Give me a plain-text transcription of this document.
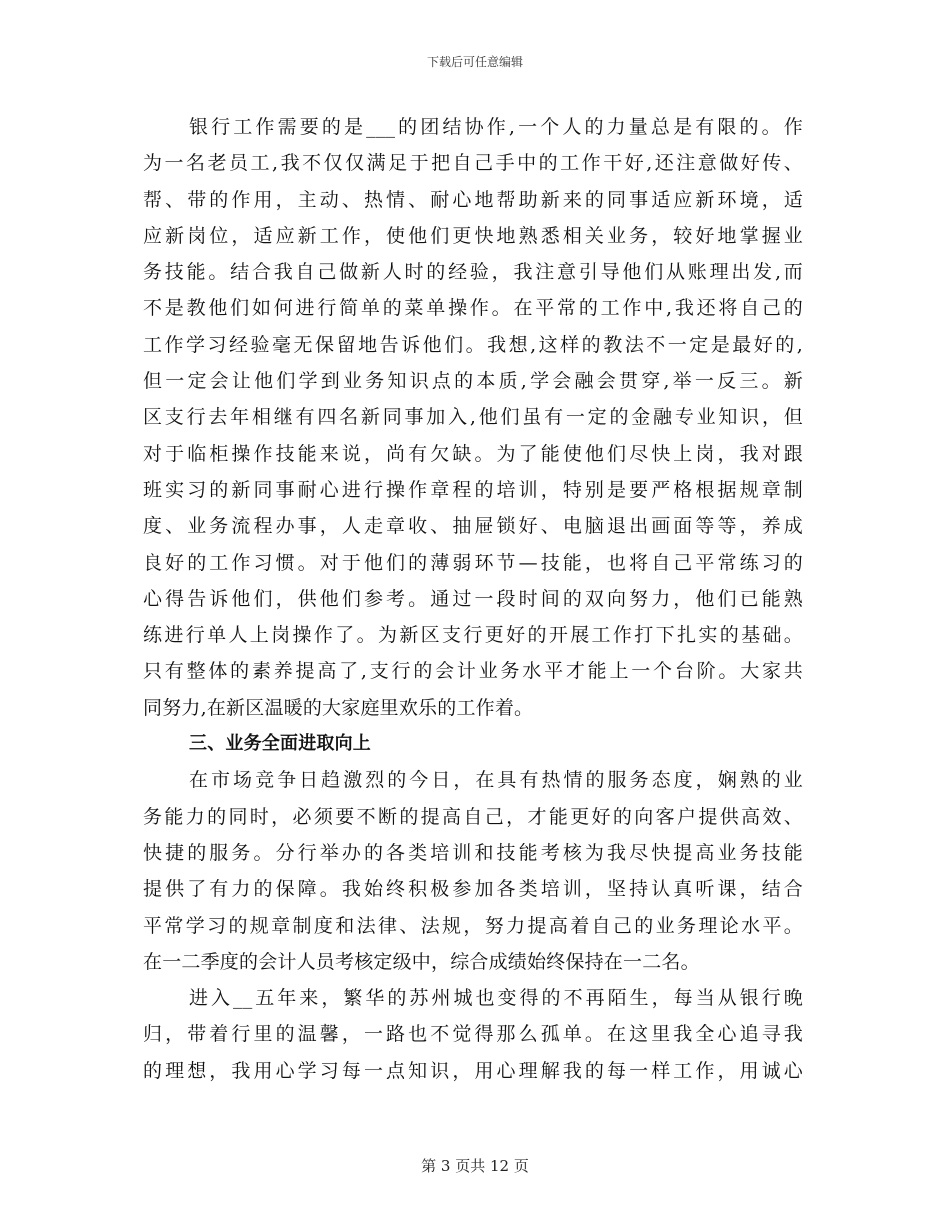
下载后可任意编辑
银行工作需要的是___的团结协作,一个人的力量总是有限的。作
为一名老员工,我不仅仅满足于把自己手中的工作干好,还注意做好传、
帮、带的作用，主动、热情、耐心地帮助新来的同事适应新环境，适
应新岗位，适应新工作，使他们更快地熟悉相关业务，较好地掌握业
务技能。结合我自己做新人时的经验，我注意引导他们从账理出发,而
不是教他们如何进行简单的菜单操作。在平常的工作中,我还将自己的
工作学习经验毫无保留地告诉他们。我想,这样的教法不一定是最好的,
但一定会让他们学到业务知识点的本质,学会融会贯穿,举一反三。新
区支行去年相继有四名新同事加入,他们虽有一定的金融专业知识，但
对于临柜操作技能来说，尚有欠缺。为了能使他们尽快上岗，我对跟
班实习的新同事耐心进行操作章程的培训，特别是要严格根据规章制
度、业务流程办事，人走章收、抽屉锁好、电脑退出画面等等，养成
良好的工作习惯。对于他们的薄弱环节—技能，也将自己平常练习的
心得告诉他们，供他们参考。通过一段时间的双向努力，他们已能熟
练进行单人上岗操作了。为新区支行更好的开展工作打下扎实的基础。
只有整体的素养提高了,支行的会计业务水平才能上一个台阶。大家共
同努力,在新区温暖的大家庭里欢乐的工作着。
三、业务全面进取向上
在市场竞争日趋激烈的今日，在具有热情的服务态度，娴熟的业
务能力的同时，必须要不断的提高自己，才能更好的向客户提供高效、
快捷的服务。分行举办的各类培训和技能考核为我尽快提高业务技能
提供了有力的保障。我始终积极参加各类培训，坚持认真听课，结合
平常学习的规章制度和法律、法规，努力提高着自己的业务理论水平。
在一二季度的会计人员考核定级中，综合成绩始终保持在一二名。
进入__五年来，繁华的苏州城也变得的不再陌生，每当从银行晚
归，带着行里的温馨，一路也不觉得那么孤单。在这里我全心追寻我
的理想，我用心学习每一点知识，用心理解我的每一样工作，用诚心
第 3 页共 12 页
